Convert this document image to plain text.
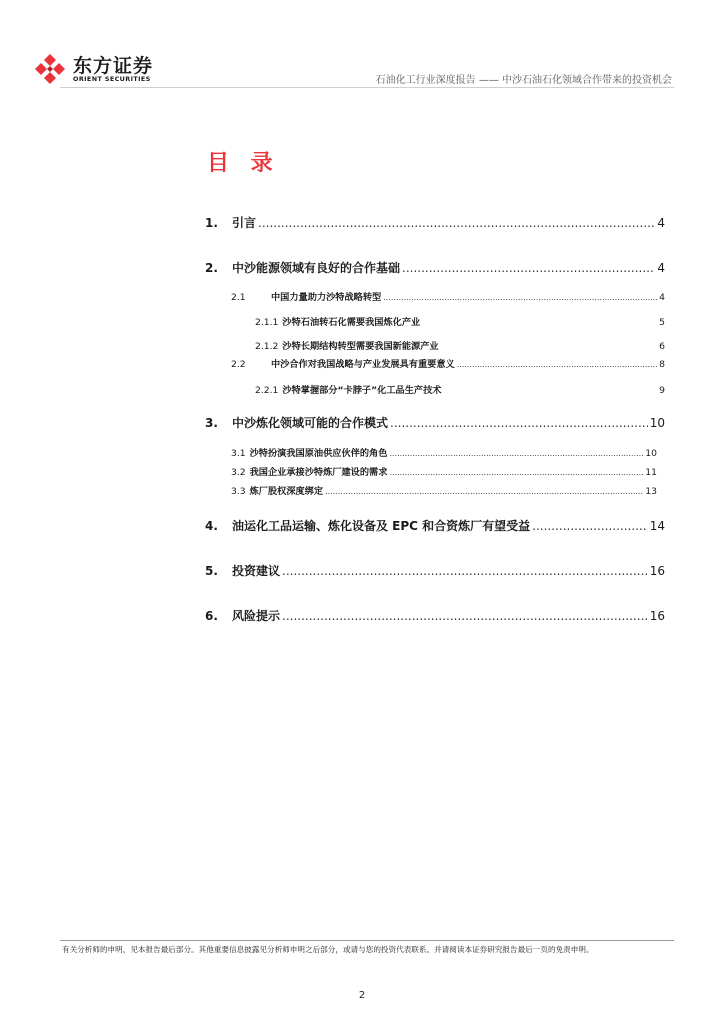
东方证券
ORIENT SECURITIES	石油化工行业深度报告 —— 中沙石油石化领域合作带来的投资机会
目 录
1.	引言 .....	4
2.	中沙能源领域有良好的合作基础 .....	4
2.1	中国力量助力沙特战略转型 .....	4
2.1.1 沙特石油转石化需要我国炼化产业	5
2.1.2 沙特长期结构转型需要我国新能源产业	6
2.2	中沙合作对我国战略与产业发展具有重要意义 .....	8
2.2.1 沙特掌握部分“卡脖子”化工品生产技术	9
3.	中沙炼化领域可能的合作模式 .....	10
3.1 沙特扮演我国原油供应伙伴的角色 .....	10
3.2 我国企业承接沙特炼厂建设的需求 .....	11
3.3 炼厂股权深度绑定 .....	13
4.	油运化工品运输、炼化设备及 EPC 和合资炼厂有望受益 .....	14
5.	投资建议 .....	16
6.	风险提示 .....	16
有关分析师的申明，见本报告最后部分。其他重要信息披露见分析师申明之后部分，或请与您的投资代表联系。并请阅读本证券研究报告最后一页的免责申明。
2
